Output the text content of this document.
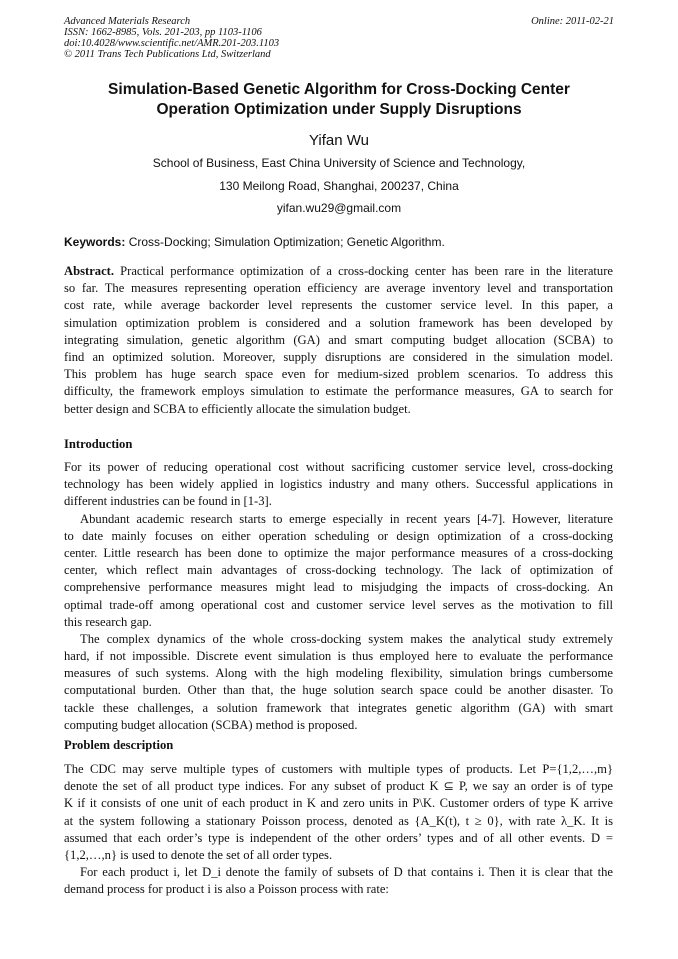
Advanced Materials Research
ISSN: 1662-8985, Vols. 201-203, pp 1103-1106
doi:10.4028/www.scientific.net/AMR.201-203.1103
© 2011 Trans Tech Publications Ltd, Switzerland
Online: 2011-02-21
Simulation-Based Genetic Algorithm for Cross-Docking Center
Operation Optimization under Supply Disruptions
Yifan Wu
School of Business, East China University of Science and Technology,
130 Meilong Road, Shanghai, 200237, China
yifan.wu29@gmail.com
Keywords: Cross-Docking; Simulation Optimization; Genetic Algorithm.
Abstract. Practical performance optimization of a cross-docking center has been rare in the literature
so far. The measures representing operation efficiency are average inventory level and transportation
cost rate, while average backorder level represents the customer service level. In this paper, a
simulation optimization problem is considered and a solution framework has been developed by
integrating simulation, genetic algorithm (GA) and smart computing budget allocation (SCBA) to
find an optimized solution. Moreover, supply disruptions are considered in the simulation model.
This problem has huge search space even for medium-sized problem scenarios. To address this
difficulty, the framework employs simulation to estimate the performance measures, GA to search for
better design and SCBA to efficiently allocate the simulation budget.
Introduction
For its power of reducing operational cost without sacrificing customer service level, cross-docking
technology has been widely applied in logistics industry and many others. Successful applications in
different industries can be found in [1-3].
Abundant academic research starts to emerge especially in recent years [4-7]. However, literature
to date mainly focuses on either operation scheduling or design optimization of a cross-docking
center. Little research has been done to optimize the major performance measures of a cross-docking
center, which reflect main advantages of cross-docking technology. The lack of optimization of
comprehensive performance measures might lead to misjudging the impacts of cross-docking. An
optimal trade-off among operational cost and customer service level serves as the motivation to fill
this research gap.
The complex dynamics of the whole cross-docking system makes the analytical study extremely
hard, if not impossible. Discrete event simulation is thus employed here to evaluate the performance
measures of such systems. Along with the high modeling flexibility, simulation brings cumbersome
computational burden. Other than that, the huge solution search space could be another disaster. To
tackle these challenges, a solution framework that integrates genetic algorithm (GA) with smart
computing budget allocation (SCBA) method is proposed.
Problem description
The CDC may serve multiple types of customers with multiple types of products. Let P={1,2,…,m}
denote the set of all product type indices. For any subset of product K ⊆ P, we say an order is of type
K if it consists of one unit of each product in K and zero units in P\K. Customer orders of type K arrive
at the system following a stationary Poisson process, denoted as {A_K(t), t ≥ 0}, with rate λ_K. It is
assumed that each order’s type is independent of the other orders’ types and of all other events. D =
{1,2,…,n} is used to denote the set of all order types.
For each product i, let D_i denote the family of subsets of D that contains i. Then it is clear that the
demand process for product i is also a Poisson process with rate:
